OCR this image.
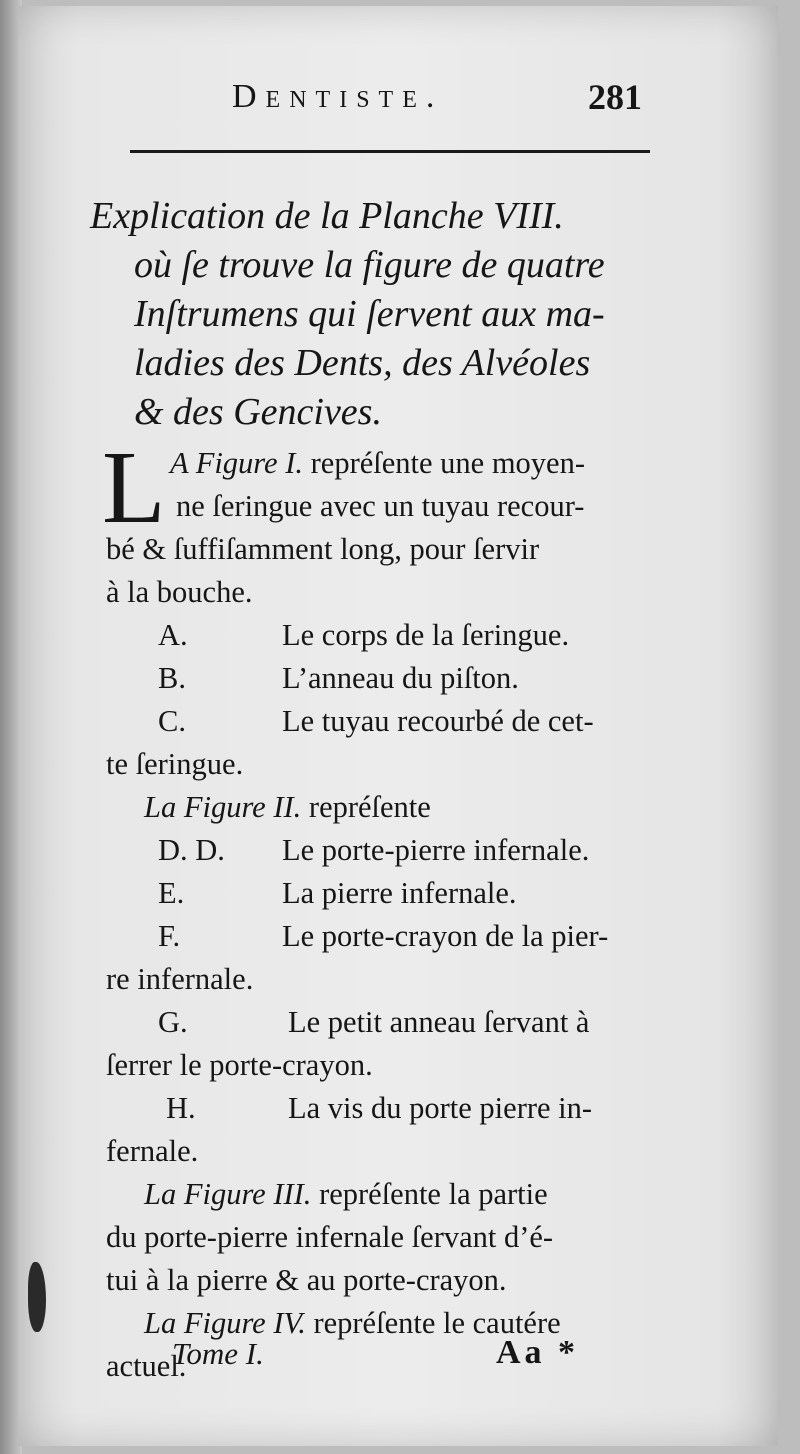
Dentiste.	281
Explication de la Planche VIII.
où ſe trouve la figure de quatre
Inſtrumens qui ſervent aux ma-
ladies des Dents, des Alvéoles
& des Gencives.
L A Figure I. repréſente une moyen-
ne ſeringue avec un tuyau recour-
bé & ſuffiſamment long, pour ſervir
à la bouche.
A.	Le corps de la ſeringue.
B.	L’anneau du piſton.
C.	Le tuyau recourbé de cet-
te ſeringue.
La Figure II. repréſente
D. D. Le porte-pierre infernale.
E.	La pierre infernale.
F.	Le porte-crayon de la pier-
re infernale.
G.	Le petit anneau ſervant à
ſerrer le porte-crayon.
H.	La vis du porte pierre in-
fernale.
La Figure III. repréſente la partie
du porte-pierre infernale ſervant d’é-
tui à la pierre & au porte-crayon.
La Figure IV. repréſente le cautére
actuel.
Tome I.	Aa *
